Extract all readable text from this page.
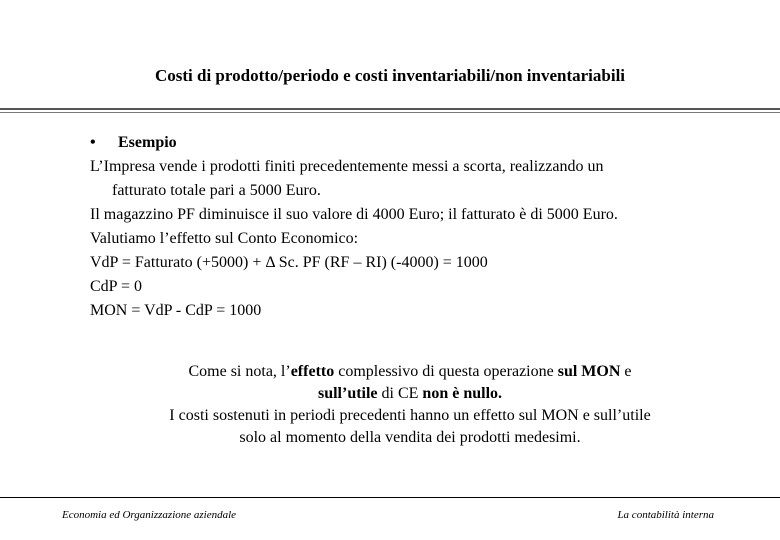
Costi di prodotto/periodo e costi inventariabili/non inventariabili
•	Esempio
L’Impresa vende i prodotti finiti precedentemente messi a scorta, realizzando un
fatturato totale pari a 5000 Euro.
Il magazzino PF diminuisce il suo valore di 4000 Euro; il fatturato è di 5000 Euro.
Valutiamo l’effetto sul Conto Economico:
VdP = Fatturato (+5000) + Δ Sc. PF (RF – RI) (-4000) = 1000
CdP = 0
MON = VdP - CdP = 1000
Come si nota, l’effetto complessivo di questa operazione sul MON e
sull’utile di CE non è nullo.
I costi sostenuti in periodi precedenti hanno un effetto sul MON e sull’utile
solo al momento della vendita dei prodotti medesimi.
Economia ed Organizzazione aziendale	La contabilità interna
